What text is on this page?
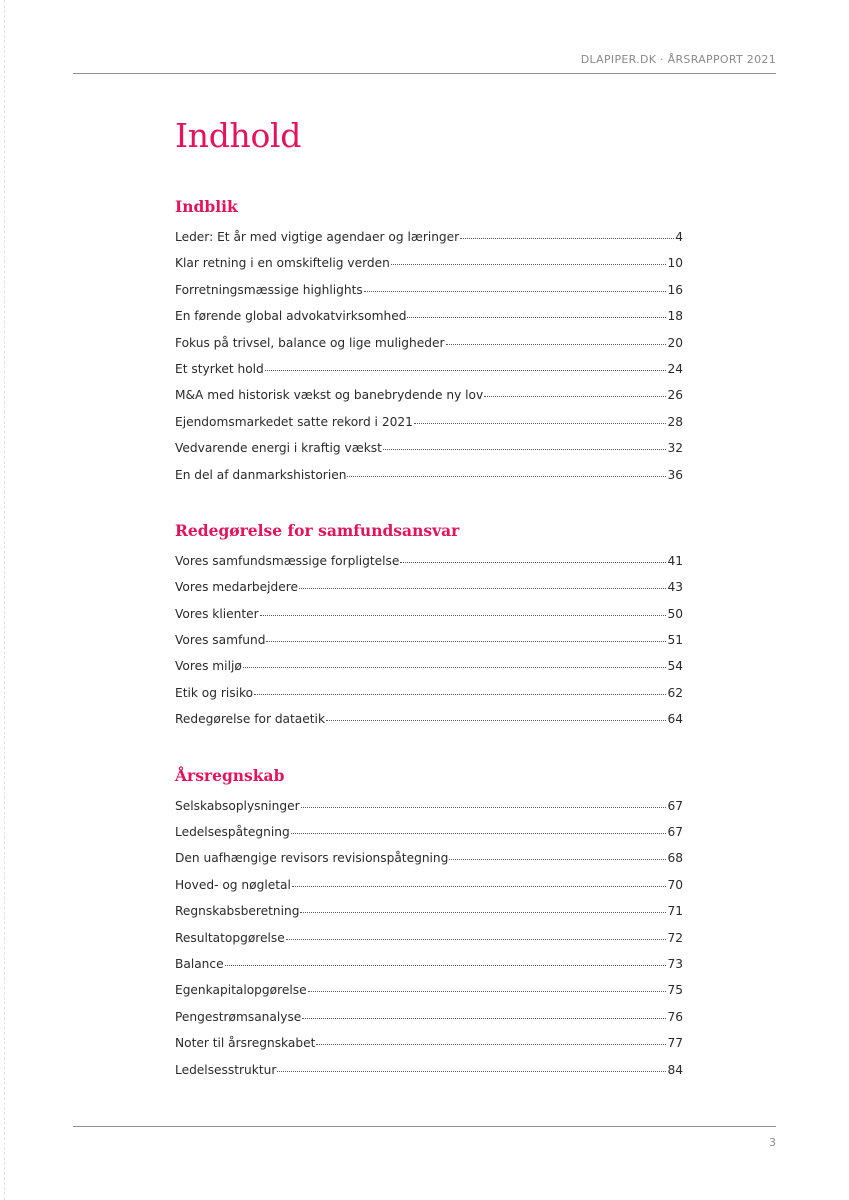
DLAPIPER.DK · ÅRSRAPPORT 2021
Indhold
Indblik
Leder: Et år med vigtige agendaer og læringer	4
Klar retning i en omskiftelig verden	10
Forretningsmæssige highlights	16
En førende global advokatvirksomhed	18
Fokus på trivsel, balance og lige muligheder	20
Et styrket hold	24
M&A med historisk vækst og banebrydende ny lov	26
Ejendomsmarkedet satte rekord i 2021	28
Vedvarende energi i kraftig vækst	32
En del af danmarkshistorien	36
Redegørelse for samfundsansvar
Vores samfundsmæssige forpligtelse	41
Vores medarbejdere	43
Vores klienter	50
Vores samfund	51
Vores miljø	54
Etik og risiko	62
Redegørelse for dataetik	64
Årsregnskab
Selskabsoplysninger	67
Ledelsespåtegning	67
Den uafhængige revisors revisionspåtegning	68
Hoved- og nøgletal	70
Regnskabsberetning	71
Resultatopgørelse	72
Balance	73
Egenkapitalopgørelse	75
Pengestrømsanalyse	76
Noter til årsregnskabet	77
Ledelsesstruktur	84
3
